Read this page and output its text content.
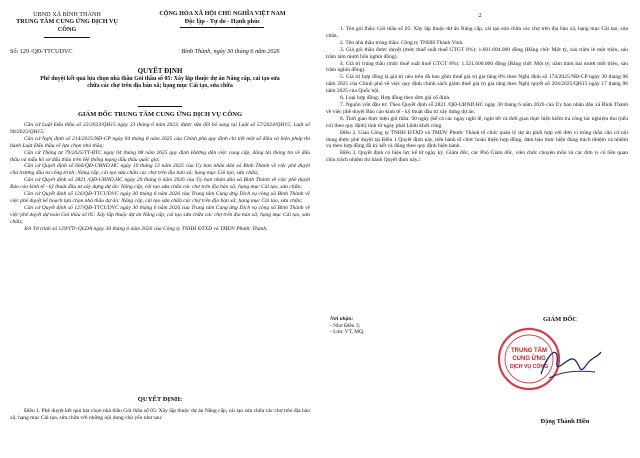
UBND XÃ BÌNH THÀNH
TRUNG TÂM CUNG ỨNG DỊCH VỤ CÔNG
CỘNG HÒA XÃ HỘI CHỦ NGHĨA VIỆT NAM
Độc lập - Tự do - Hạnh phúc
Số: 129 /QĐ-TTCUDVC	Bình Thành, ngày 30 tháng 6 năm 2026
QUYẾT ĐỊNH
Phê duyệt kết quả lựa chọn nhà thầu Gói thầu số 05: Xây lắp thuộc dự án Nâng cấp, cải tạo sửa chữa các chợ trên địa bàn xã; hạng mục Cái tạo, sửa chữa
GIÁM ĐỐC TRUNG TÂM CUNG ỨNG DỊCH VỤ CÔNG
Căn cứ Luật Đấu thầu số 22/2023/QH15 ngày 23 tháng 6 năm 2023, được sửa đổi bổ sung tại Luật số 57/2024/QH15; Luật số 90/2025/QH15;
Căn cứ Nghị định số 214/2025/NĐ-CP ngày 04 tháng 8 năm 2025 của Chính phủ quy định chi tiết một số điều và biện pháp thi hành Luật Đấu thầu về lựa chọn nhà thầu;
Căn cứ Thông tư 79/2025/TT-BTC ngày 04 tháng 08 năm 2025 quy định Hướng dẫn việc cung cấp, đăng tải thông tin về đấu thầu và mẫu hồ sơ đấu thầu trên Hệ thống mạng đấu thầu quốc gia;
Căn cứ Quyết định số 666/QĐ-UBND.HC ngày 10 tháng 12 năm 2025 của Ủy ban nhân dân xã Bình Thành về việc phê duyệt chủ trương đầu tư công trình: Nâng cấp, cải tạo sửa chữa các chợ trên địa bàn xã; hạng mục Cải tạo, sửa chữa;
Căn cứ Quyết định số 2821 /QĐ-UBND.HC ngày 29 tháng 6 năm 2026 của Ủy ban nhân dân xã Bình Thành về việc phê duyệt Báo cáo kinh tế - kỹ thuật đầu tư xây dựng dự án: Nâng cấp, cải tạo sửa chữa các chợ trên địa bàn xã; hạng mục Cải tạo, sửa chữa;
Căn cứ Quyết định số 126/QĐ-TTCUDVC ngày 30 tháng 6 năm 2026 của Trung tâm Cung ứng Dịch vụ công xã Bình Thành về việc phê duyệt kế hoạch lựa chọn nhà thầu dự án: Nâng cấp, cải tạo sửa chữa các chợ trên địa bàn xã; hạng mục Cải tạo, sửa chữa;
Căn cứ Quyết định số 127/QĐ-TTCUDVC ngày 30 tháng 6 năm 2026 của Trung tâm Cung ứng Dịch vụ công xã Bình Thành về việc phê duyệt dự toán Gói thầu số 05: Xây lắp thuộc dự án Nâng cấp, cải tạo sửa chữa các chợ trên địa bàn xã; hạng mục Cải tạo, sửa chữa;
Xét Tờ trình số 129/TTr-QLDA ngày 30 tháng 6 năm 2026 của Công ty TNHH ĐTXD và TMDV Phước Thành.
QUYẾT ĐỊNH:
Điều 1. Phê duyệt kết quả lựa chọn nhà thầu Gói thầu số 05: Xây lắp thuộc dự án Nâng cấp, cải tạo sửa chữa các chợ trên địa bàn xã; hạng mục Cải tạo, sửa chữa với những nội dung chủ yếu như sau:
2
1. Tên gói thầu: Gói thầu số 05: Xây lắp thuộc dự án Nâng cấp, cải tạo sửa chữa các chợ trên địa bàn xã; hạng mục Cải tạo, sửa chữa.
2. Tên nhà thầu trúng thầu: Công ty TNHH Thành Vinh.
3. Giá gói thầu được duyệt (mức thuế suất thuế GTGT 8%): 1.601.684.000 đồng (Bằng chữ: Một tỷ, sáu trăm lẻ một triệu, sáu trăm tám mươi bốn nghìn đồng).
4. Giá trị trúng thầu (mức thuế suất thuế GTGT 8%): 1.521.600.000 đồng (Bằng chữ: Một tỷ, năm trăm hai mươi mốt triệu, sáu trăm nghìn đồng).
5. Giá trị hợp đồng là giá trị nêu trên đã bao gồm thuế giá trị gia tăng 8% theo Nghị định số 174/2025/NĐ-CP ngày 30 tháng 06 năm 2025 của Chính phủ về việc quy định chính sách giảm thuế giá trị gia tăng theo Nghị quyết số 204/2025/QH15 ngày 17 tháng 06 năm 2025 của Quốc hội.
6. Loại hợp đồng: Hợp đồng theo đơn giá cố định.
7. Nguồn vốn đầu tư: Theo Quyết định số 2821 /QĐ-UBND.HC ngày 30 tháng 6 năm 2026 của Ủy ban nhân dân xã Bình Thành về việc phê duyệt Báo cáo kinh tế - kỹ thuật đầu tư xây dựng dự án.
8. Thời gian thực hiện gói thầu: 90 ngày (kể cả các ngày nghỉ lễ, nghỉ tết và thời gian thực hiện kiểm tra công tác nghiệm thu (nếu có) theo quy định) tính từ ngày phát Lệnh khởi công.
Điều 2. Giao Công ty TNHH ĐTXD và TMDV Phước Thành tổ chức quản lý dự án phối hợp với đơn vị trúng thầu căn cứ nội dung được phê duyệt tại Điều 1 Quyết định này, tiến hành tổ chức hoàn thiện hợp đồng, đảm bảo thực hiện đúng trách nhiệm và nhiệm vụ theo hợp đồng đã ký kết và đúng theo quy định hiện hành.
Điều 3. Quyết định có hiệu lực kể từ ngày ký. Giám đốc, các Phó Giám đốc, viên chức chuyên môn và các đơn vị có liên quan chịu trách nhiệm thi hành Quyết định này./.
Nơi nhận:
- Như Điều 3;
- Lưu: VT, MQ.
GIÁM ĐỐC
TRUNG TÂM
CUNG ỨNG
DỊCH VỤ CÔNG
Đặng Thành Hiền
